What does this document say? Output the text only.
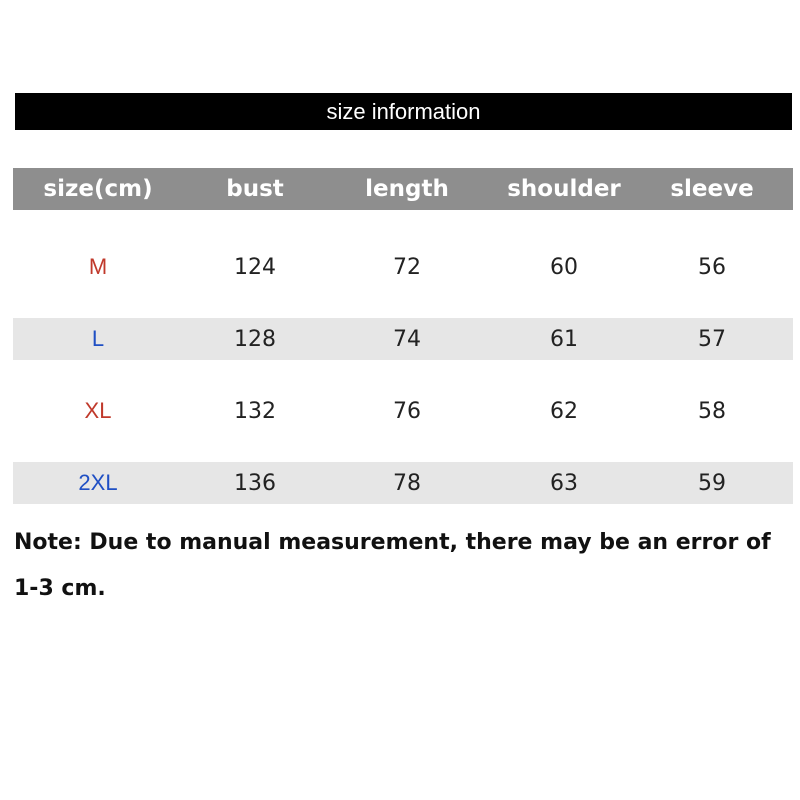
size information
size(cm)	bust	length	shoulder	sleeve
M	124	72	60	56
L	128	74	61	57
XL	132	76	62	58
2XL	136	78	63	59
Note: Due to manual measurement, there may be an error of
1-3 cm.
